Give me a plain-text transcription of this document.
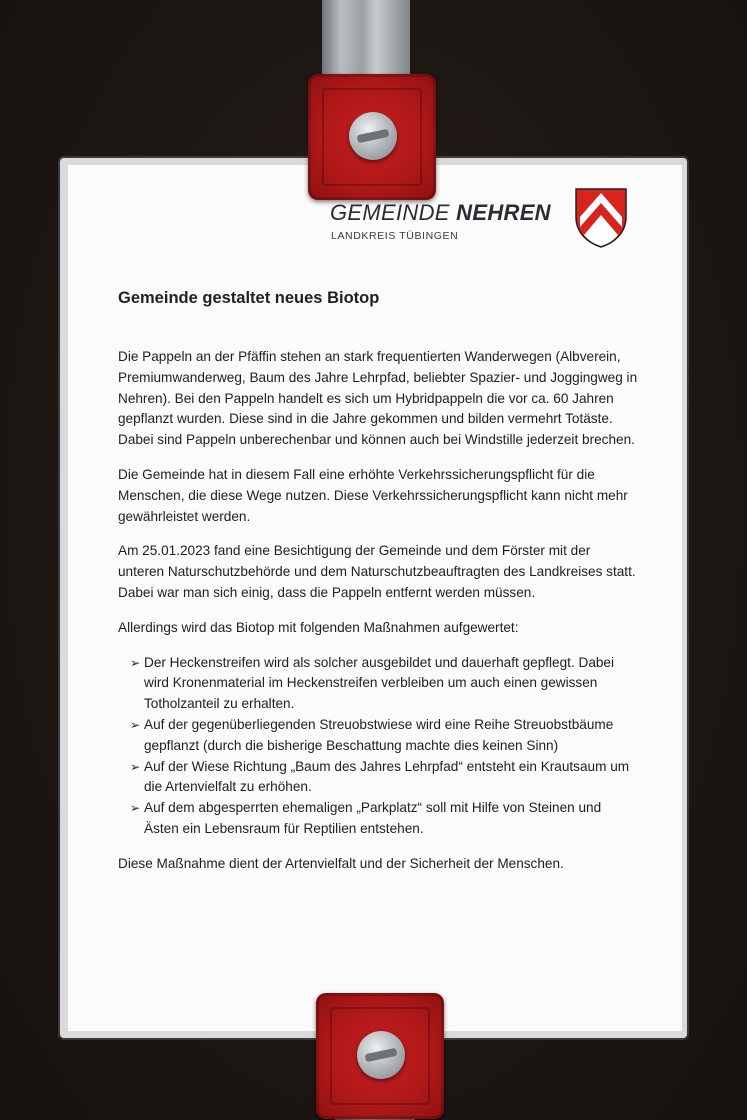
GEMEINDE NEHREN
LANDKREIS TÜBINGEN
Gemeinde gestaltet neues Biotop

Die Pappeln an der Pfäffin stehen an stark frequentierten Wanderwegen (Albverein, Premiumwanderweg, Baum des Jahre Lehrpfad, beliebter Spazier- und Joggingweg in Nehren). Bei den Pappeln handelt es sich um Hybridpappeln die vor ca. 60 Jahren gepflanzt wurden. Diese sind in die Jahre gekommen und bilden vermehrt Totäste. Dabei sind Pappeln unberechenbar und können auch bei Windstille jederzeit brechen.

Die Gemeinde hat in diesem Fall eine erhöhte Verkehrssicherungspflicht für die Menschen, die diese Wege nutzen. Diese Verkehrssicherungspflicht kann nicht mehr gewährleistet werden.

Am 25.01.2023 fand eine Besichtigung der Gemeinde und dem Förster mit der unteren Naturschutzbehörde und dem Naturschutzbeauftragten des Landkreises statt. Dabei war man sich einig, dass die Pappeln entfernt werden müssen.

Allerdings wird das Biotop mit folgenden Maßnahmen aufgewertet:

➢ Der Heckenstreifen wird als solcher ausgebildet und dauerhaft gepflegt. Dabei wird Kronenmaterial im Heckenstreifen verbleiben um auch einen gewissen Totholzanteil zu erhalten.
➢ Auf der gegenüberliegenden Streuobstwiese wird eine Reihe Streuobstbäume gepflanzt (durch die bisherige Beschattung machte dies keinen Sinn)
➢ Auf der Wiese Richtung „Baum des Jahres Lehrpfad“ entsteht ein Krautsaum um die Artenvielfalt zu erhöhen.
➢ Auf dem abgesperrten ehemaligen „Parkplatz“ soll mit Hilfe von Steinen und Ästen ein Lebensraum für Reptilien entstehen.

Diese Maßnahme dient der Artenvielfalt und der Sicherheit der Menschen.
